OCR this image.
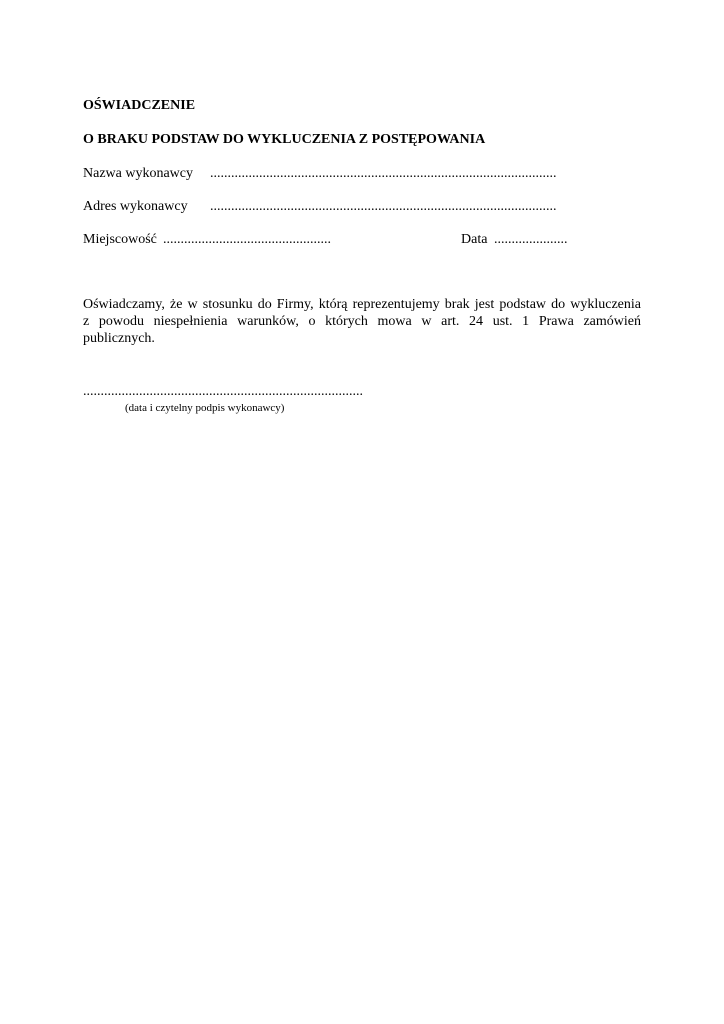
OŚWIADCZENIE
O BRAKU PODSTAW DO WYKLUCZENIA Z POSTĘPOWANIA
Nazwa wykonawcy ...................................................................................................
Adres wykonawcy ...................................................................................................
Miejscowość ................................................	Data .....................
Oświadczamy, że w stosunku do Firmy, którą reprezentujemy brak jest podstaw do wykluczenia
z powodu niespełnienia warunków, o których mowa w art. 24 ust. 1 Prawa zamówień
publicznych.
................................................................................
(data i czytelny podpis wykonawcy)
